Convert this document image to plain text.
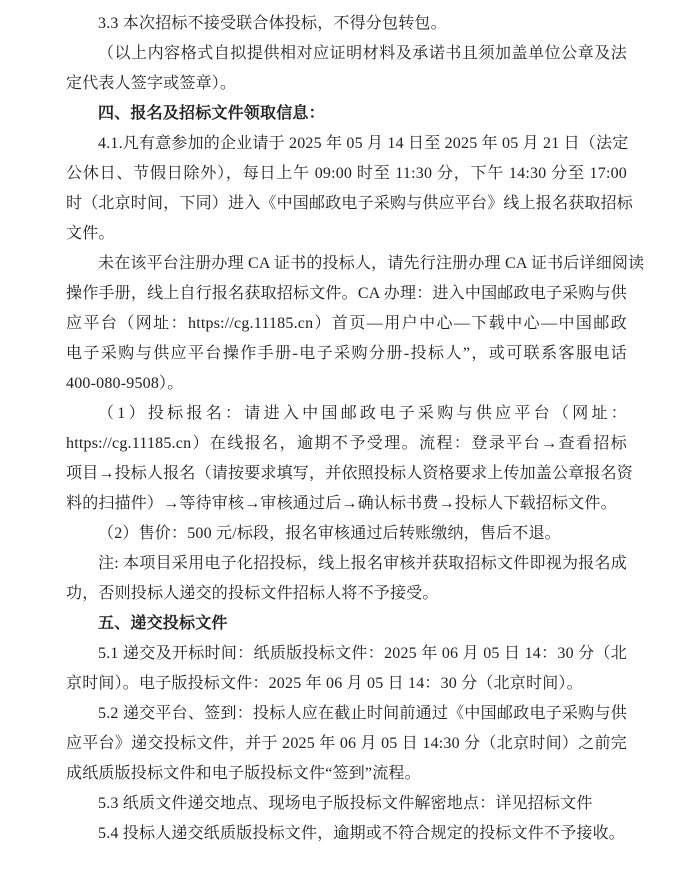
3.3 本次招标不接受联合体投标，不得分包转包。
（以上内容格式自拟提供相对应证明材料及承诺书且须加盖单位公章及法
定代表人签字或签章）。
四、报名及招标文件领取信息：
4.1.凡有意参加的企业请于 2025 年 05 月 14 日至 2025 年 05 月 21 日（法定
公休日、节假日除外），每日上午 09:00 时至 11:30 分，下午 14:30 分至 17:00
时（北京时间，下同）进入《中国邮政电子采购与供应平台》线上报名获取招标
文件。
未在该平台注册办理 CA 证书的投标人，请先行注册办理 CA 证书后详细阅读
操作手册，线上自行报名获取招标文件。CA 办理：进入中国邮政电子采购与供
应平台（网址：https://cg.11185.cn）首页—用户中心—下载中心—中国邮政
电子采购与供应平台操作手册-电子采购分册-投标人”，或可联系客服电话
400-080-9508）。
（1）投标报名：请进入中国邮政电子采购与供应平台（网址：
https://cg.11185.cn）在线报名，逾期不予受理。流程：登录平台→查看招标
项目→投标人报名（请按要求填写，并依照投标人资格要求上传加盖公章报名资
料的扫描件）→等待审核→审核通过后→确认标书费→投标人下载招标文件。
（2）售价：500 元/标段，报名审核通过后转账缴纳，售后不退。
注: 本项目采用电子化招投标，线上报名审核并获取招标文件即视为报名成
功，否则投标人递交的投标文件招标人将不予接受。
五、递交投标文件
5.1 递交及开标时间：纸质版投标文件：2025 年 06 月 05 日 14：30 分（北
京时间）。电子版投标文件：2025 年 06 月 05 日 14：30 分（北京时间）。
5.2 递交平台、签到：投标人应在截止时间前通过《中国邮政电子采购与供
应平台》递交投标文件，并于 2025 年 06 月 05 日 14:30 分（北京时间）之前完
成纸质版投标文件和电子版投标文件“签到”流程。
5.3 纸质文件递交地点、现场电子版投标文件解密地点：详见招标文件
5.4 投标人递交纸质版投标文件，逾期或不符合规定的投标文件不予接收。
